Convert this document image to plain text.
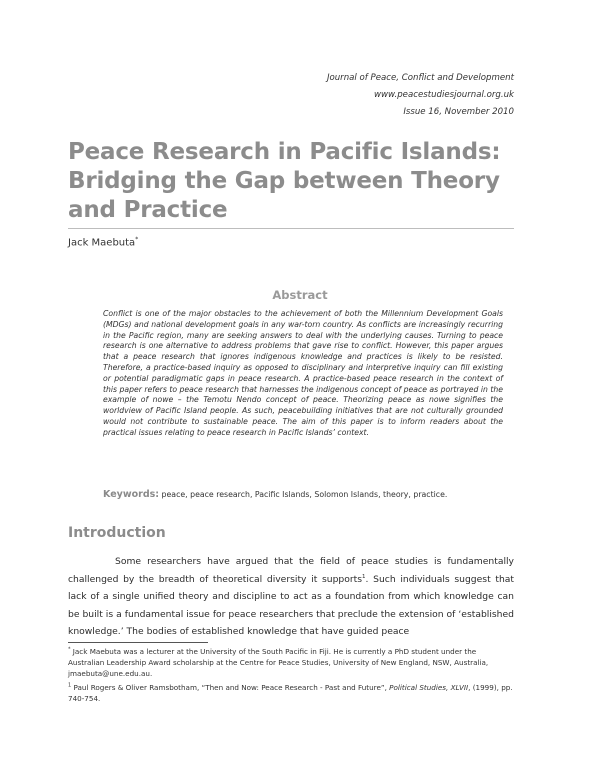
Journal of Peace, Conflict and Development
www.peacestudiesjournal.org.uk
Issue 16, November 2010
Peace Research in Pacific Islands:
Bridging the Gap between Theory
and Practice
Jack Maebuta*
Abstract
Conflict is one of the major obstacles to the achievement of both the Millennium Development Goals (MDGs) and national development goals in any war-torn country. As conflicts are increasingly recurring in the Pacific region, many are seeking answers to deal with the underlying causes. Turning to peace research is one alternative to address problems that gave rise to conflict. However, this paper argues that a peace research that ignores indigenous knowledge and practices is likely to be resisted. Therefore, a practice-based inquiry as opposed to disciplinary and interpretive inquiry can fill existing or potential paradigmatic gaps in peace research. A practice-based peace research in the context of this paper refers to peace research that harnesses the indigenous concept of peace as portrayed in the example of nowe – the Temotu Nendo concept of peace. Theorizing peace as nowe signifies the worldview of Pacific Island people. As such, peacebuilding initiatives that are not culturally grounded would not contribute to sustainable peace. The aim of this paper is to inform readers about the practical issues relating to peace research in Pacific Islands’ context.
Keywords: peace, peace research, Pacific Islands, Solomon Islands, theory, practice.
Introduction

Some researchers have argued that the field of peace studies is fundamentally challenged by the breadth of theoretical diversity it supports$^1$. Such individuals suggest that lack of a single unified theory and discipline to act as a foundation from which knowledge can be built is a fundamental issue for peace researchers that preclude the extension of ‘established knowledge.’ The bodies of established knowledge that have guided peace

* Jack Maebuta was a lecturer at the University of the South Pacific in Fiji. He is currently a PhD student under the Australian Leadership Award scholarship at the Centre for Peace Studies, University of New England, NSW, Australia, jmaebuta@une.edu.au.

$^1$ Paul Rogers & Oliver Ramsbotham, “Then and Now: Peace Research - Past and Future”, Political Studies, XLVII, (1999), pp. 740-754.
